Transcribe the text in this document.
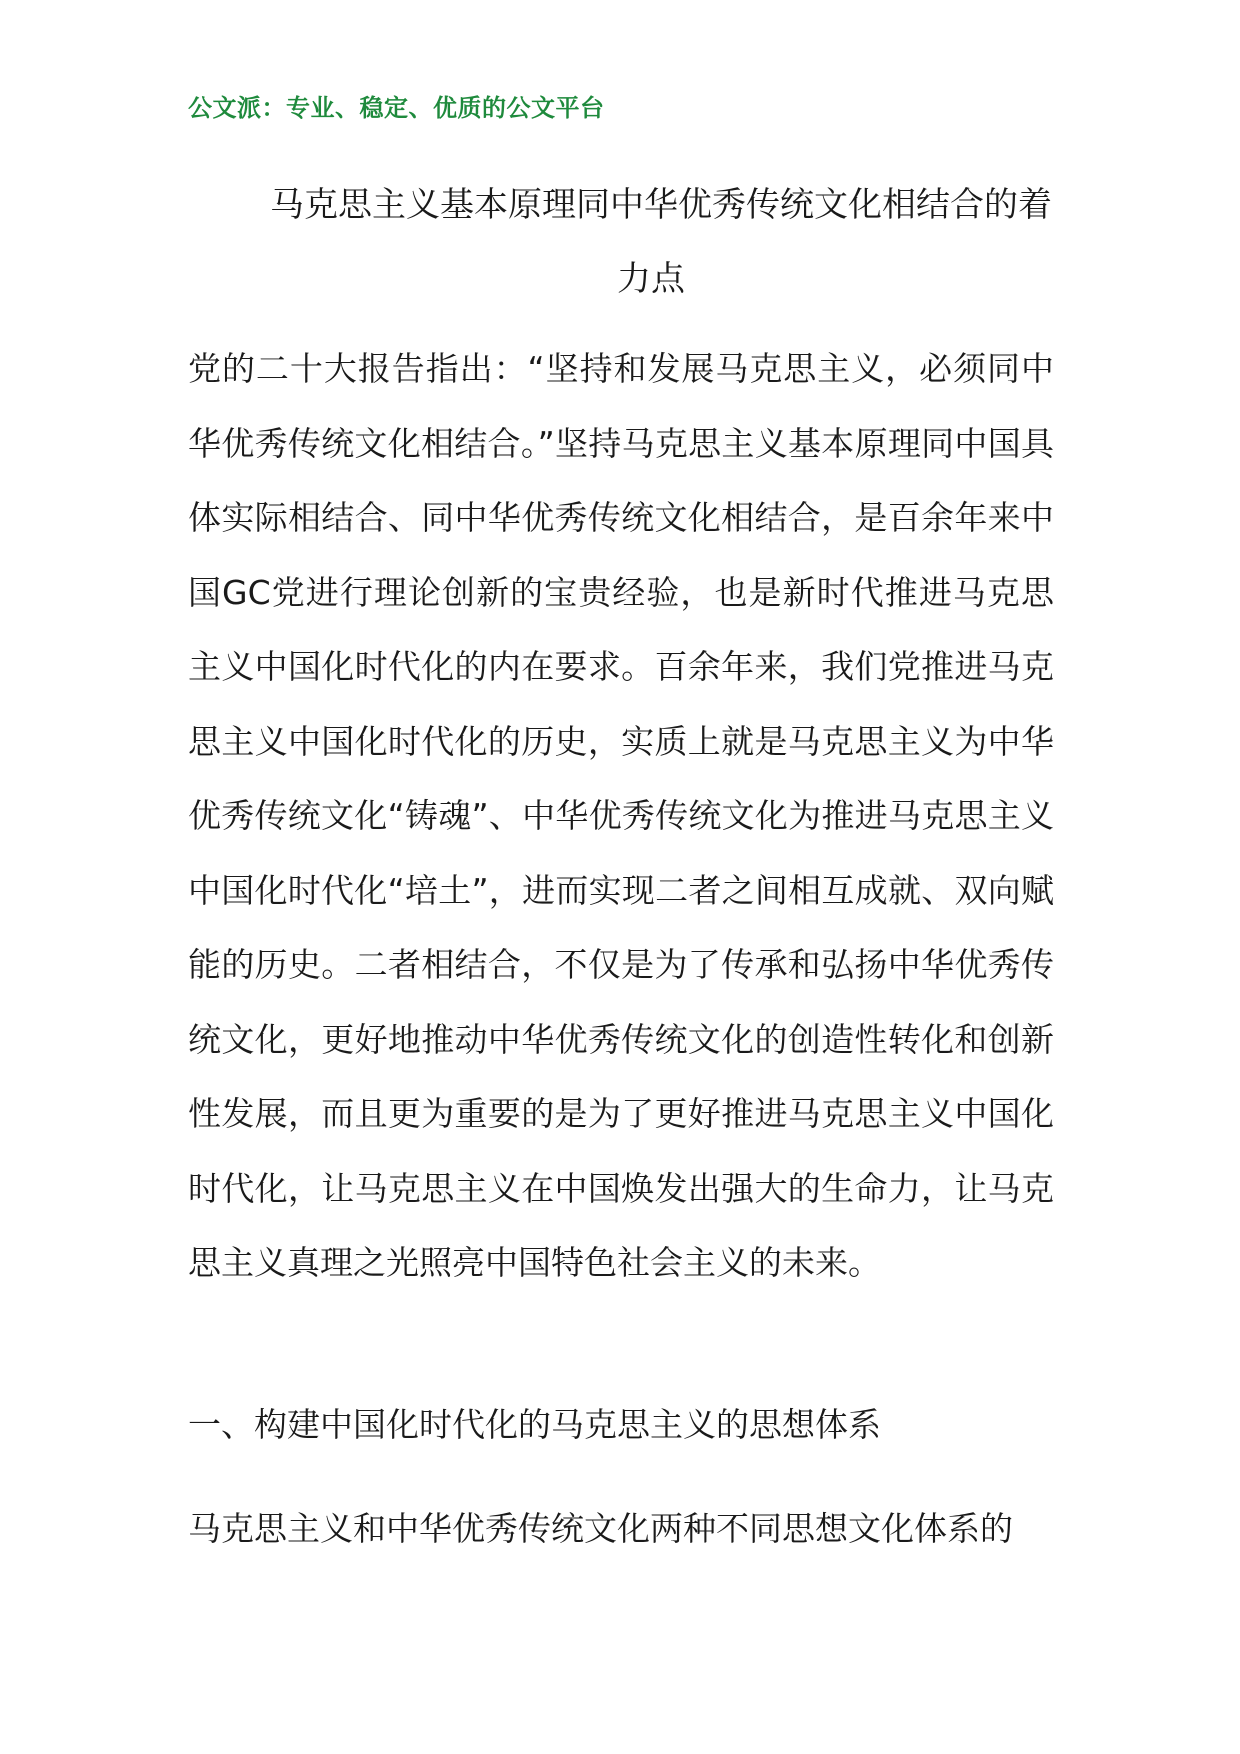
公文派：专业、稳定、优质的公文平台
马克思主义基本原理同中华优秀传统文化相结合的着
力点

党的二十大报告指出：“坚持和发展马克思主义，必须同中华优秀传统文化相结合。”坚持马克思主义基本原理同中国具体实际相结合、同中华优秀传统文化相结合，是百余年来中国GC党进行理论创新的宝贵经验，也是新时代推进马克思主义中国化时代化的内在要求。百余年来，我们党推进马克思主义中国化时代化的历史，实质上就是马克思主义为中华优秀传统文化“铸魂”、中华优秀传统文化为推进马克思主义中国化时代化“培土”，进而实现二者之间相互成就、双向赋能的历史。二者相结合，不仅是为了传承和弘扬中华优秀传统文化，更好地推动中华优秀传统文化的创造性转化和创新性发展，而且更为重要的是为了更好推进马克思主义中国化时代化，让马克思主义在中国焕发出强大的生命力，让马克思主义真理之光照亮中国特色社会主义的未来。

一、构建中国化时代化的马克思主义的思想体系

马克思主义和中华优秀传统文化两种不同思想文化体系的
